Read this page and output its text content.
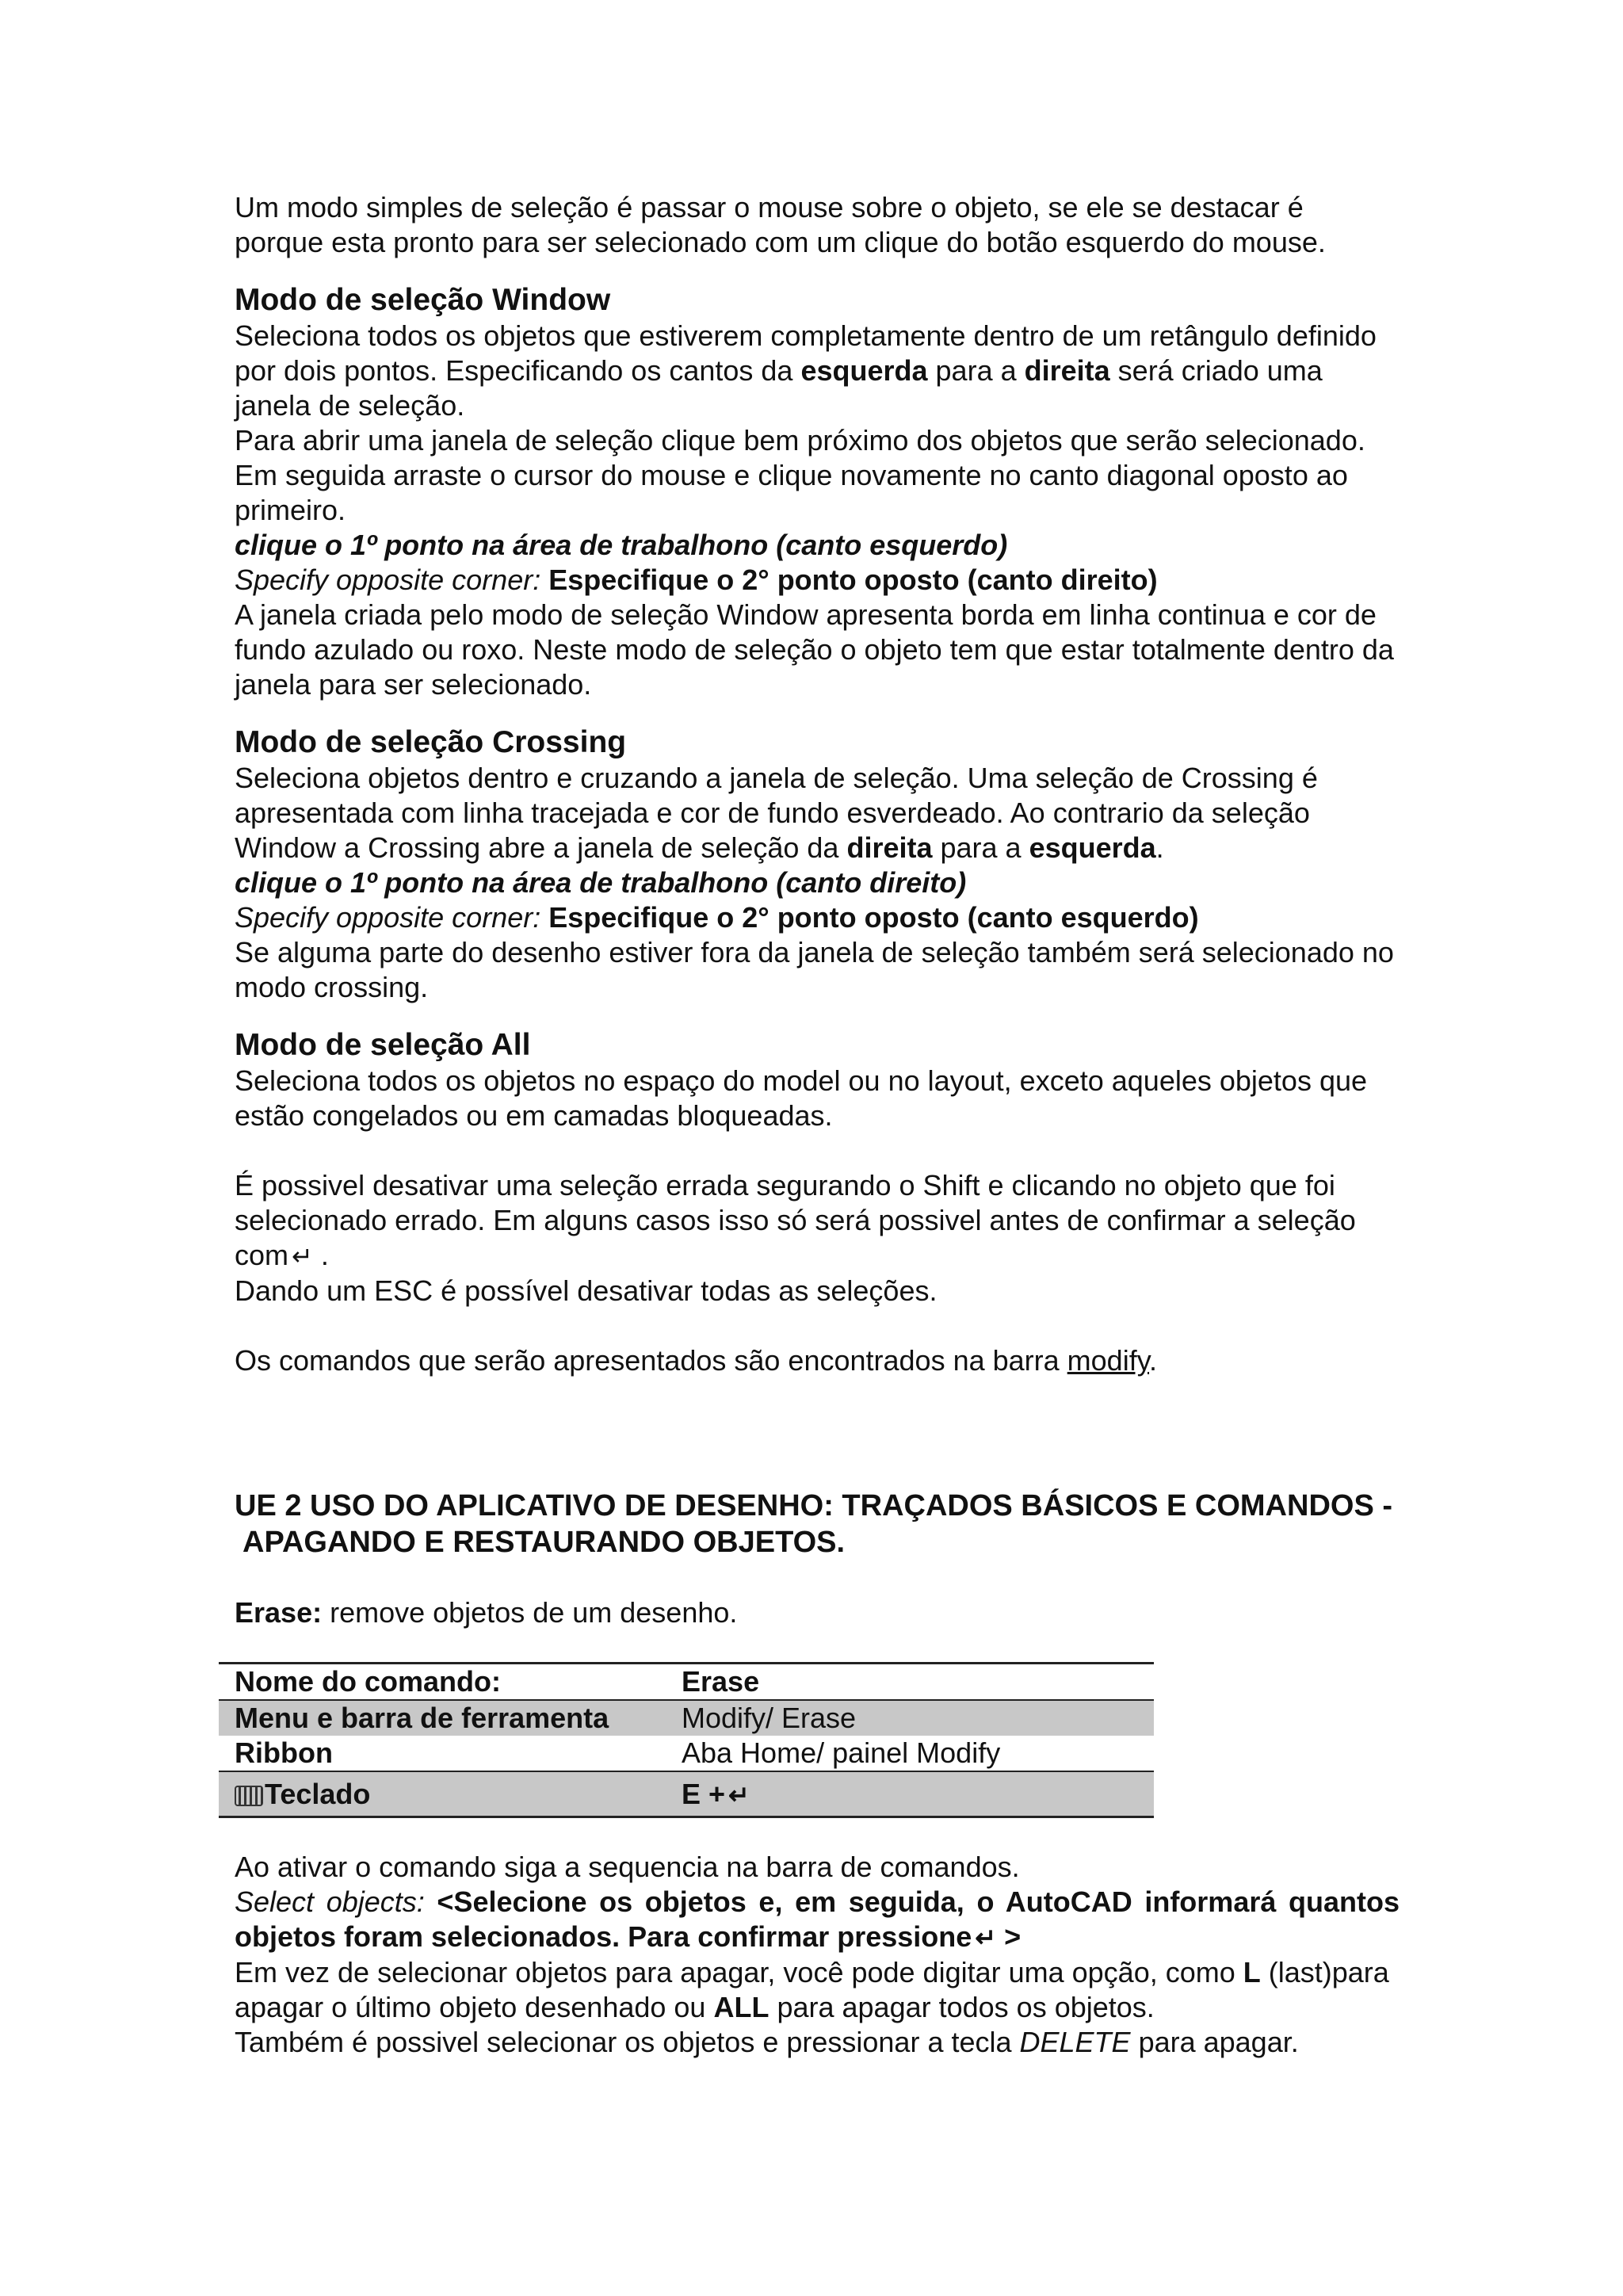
Um modo simples de seleção é passar o mouse sobre o objeto, se ele se destacar é porque esta pronto para ser selecionado com um clique do botão esquerdo do mouse.

Modo de seleção Window

Seleciona todos os objetos que estiverem completamente dentro de um retângulo definido por dois pontos. Especificando os cantos da esquerda para a direita será criado uma janela de seleção.

Para abrir uma janela de seleção clique bem próximo dos objetos que serão selecionado. Em seguida arraste o cursor do mouse e clique novamente no canto diagonal oposto ao primeiro.

clique o 1º ponto na área de trabalhono (canto esquerdo)

Specify opposite corner: Especifique o 2° ponto oposto (canto direito)

A janela criada pelo modo de seleção Window apresenta borda em linha continua e cor de fundo azulado ou roxo. Neste modo de seleção o objeto tem que estar totalmente dentro da janela para ser selecionado.

Modo de seleção Crossing

Seleciona objetos dentro e cruzando a janela de seleção. Uma seleção de Crossing é apresentada com linha tracejada e cor de fundo esverdeado. Ao contrario da seleção Window a Crossing abre a janela de seleção da direita para a esquerda.

clique o 1º ponto na área de trabalhono (canto direito)

Specify opposite corner: Especifique o 2° ponto oposto (canto esquerdo)

Se alguma parte do desenho estiver fora da janela de seleção também será selecionado no modo crossing.

Modo de seleção All

Seleciona todos os objetos no espaço do model ou no layout, exceto aqueles objetos que estão congelados ou em camadas bloqueadas.

É possivel desativar uma seleção errada segurando o Shift e clicando no objeto que foi selecionado errado. Em alguns casos isso só será possivel antes de confirmar a seleção com ↵ .

Dando um ESC é possível desativar todas as seleções.

Os comandos que serão apresentados são encontrados na barra modify.

UE 2 USO DO APLICATIVO DE DESENHO: TRAÇADOS BÁSICOS E COMANDOS - APAGANDO E RESTAURANDO OBJETOS.

Erase: remove objetos de um desenho.

Nome do comando:	Erase
Menu e barra de ferramenta	Modify/ Erase
Ribbon	Aba Home/ painel Modify
Teclado	E + ↵

Ao ativar o comando siga a sequencia na barra de comandos.

Select objects: <Selecione os objetos e, em seguida, o AutoCAD informará quantos objetos foram selecionados. Para confirmar pressione ↵ >

Em vez de selecionar objetos para apagar, você pode digitar uma opção, como L (last)para apagar o último objeto desenhado ou ALL para apagar todos os objetos.

Também é possivel selecionar os objetos e pressionar a tecla DELETE para apagar.
